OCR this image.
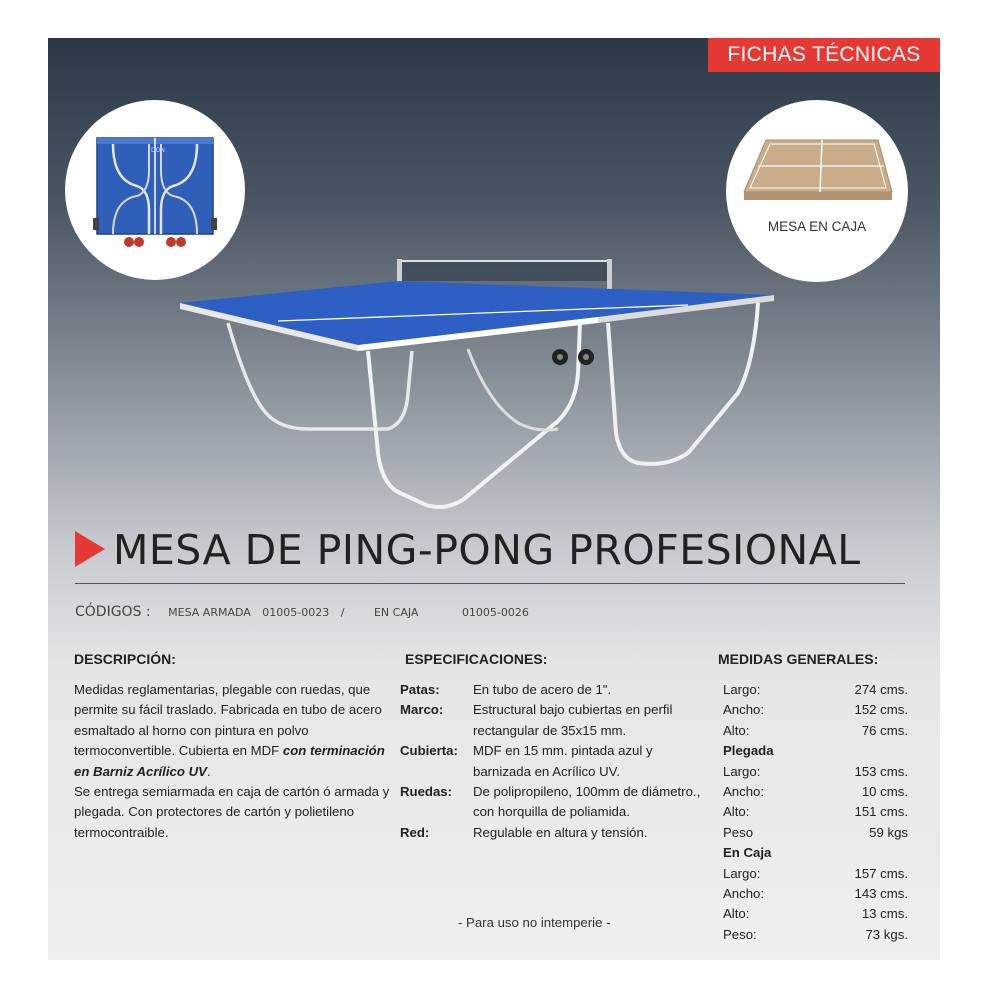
FICHAS TÉCNICAS
DON
MESA EN CAJA
MESA DE PING-PONG PROFESIONAL
CÓDIGOS : MESA ARMADA 01005-0023 /	EN CAJA	01005-0026
DESCRIPCIÓN:	ESPECIFICACIONES:	MEDIDAS GENERALES:
Medidas reglamentarias, plegable con ruedas, que permite su fácil traslado. Fabricada en tubo de acero esmaltado al horno con pintura en polvo termoconvertible. Cubierta en MDF con terminación en Barniz Acrílico UV.
Se entrega semiarmada en caja de cartón ó armada y plegada. Con protectores de cartón y polietileno termocontraible.
Patas:	En tubo de acero de 1".
Marco:	Estructural bajo cubiertas en perfil rectangular de 35x15 mm.
Cubierta:	MDF en 15 mm. pintada azul y barnizada en Acrílico UV.
Ruedas:	De polipropileno, 100mm de diámetro., con horquilla de poliamida.
Red:	Regulable en altura y tensión.
- Para uso no intemperie -
Largo:	274 cms.
Ancho:	152 cms.
Alto:	76 cms.
Plegada
Largo:	153 cms.
Ancho:	10 cms.
Alto:	151 cms.
Peso	59 kgs
En Caja
Largo:	157 cms.
Ancho:	143 cms.
Alto:	13 cms.
Peso:	73 kgs.
